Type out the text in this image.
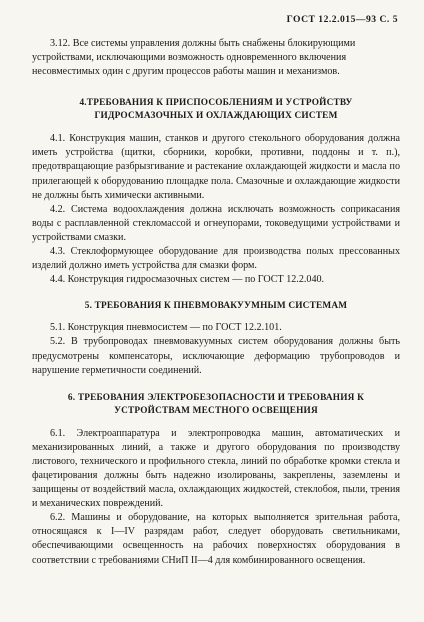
ГОСТ 12.2.015—93 С. 5

3.12. Все системы управления должны быть снабжены блокирующими устройствами, исключающими возможность одновременного включения несовместимых один с другим процессов работы машин и механизмов.

4.ТРЕБОВАНИЯ К ПРИСПОСОБЛЕНИЯМ И УСТРОЙСТВУ ГИДРОСМАЗОЧНЫХ И ОХЛАЖДАЮЩИХ СИСТЕМ

4.1. Конструкция машин, станков и другого стекольного оборудования должна иметь устройства (щитки, сборники, коробки, противни, поддоны и т. п.), предотвращающие разбрызгивание и растекание охлаждающей жидкости и масла по прилегающей к оборудованию площадке пола. Смазочные и охлаждающие жидкости не должны быть химически активными.

4.2. Система водоохлаждения должна исключать возможность соприкасания воды с расплавленной стекломассой и огнеупорами, токоведущими устройствами и устройствами смазки.

4.3. Стеклоформующее оборудование для производства полых прессованных изделий должно иметь устройства для смазки форм.

4.4. Конструкция гидросмазочных систем — по ГОСТ 12.2.040.

5. ТРЕБОВАНИЯ К ПНЕВМОВАКУУМНЫМ СИСТЕМАМ

5.1. Конструкция пневмосистем — по ГОСТ 12.2.101.

5.2. В трубопроводах пневмовакуумных систем оборудования должны быть предусмотрены компенсаторы, исключающие деформацию трубопроводов и нарушение герметичности соединений.

6. ТРЕБОВАНИЯ ЭЛЕКТРОБЕЗОПАСНОСТИ И ТРЕБОВАНИЯ К УСТРОЙСТВАМ МЕСТНОГО ОСВЕЩЕНИЯ

6.1. Электроаппаратура и электропроводка машин, автоматических и механизированных линий, а также и другого оборудования по производству листового, технического и профильного стекла, линий по обработке кромки стекла и фацетирования должны быть надежно изолированы, закреплены, заземлены и защищены от воздействий масла, охлаждающих жидкостей, стеклобоя, пыли, трения и механических повреждений.

6.2. Машины и оборудование, на которых выполняется зрительная работа, относящаяся к I—IV разрядам работ, следует оборудовать светильниками, обеспечивающими освещенность на рабочих поверхностях оборудования в соответствии с требованиями СНиП II—4 для комбинированного освещения.
